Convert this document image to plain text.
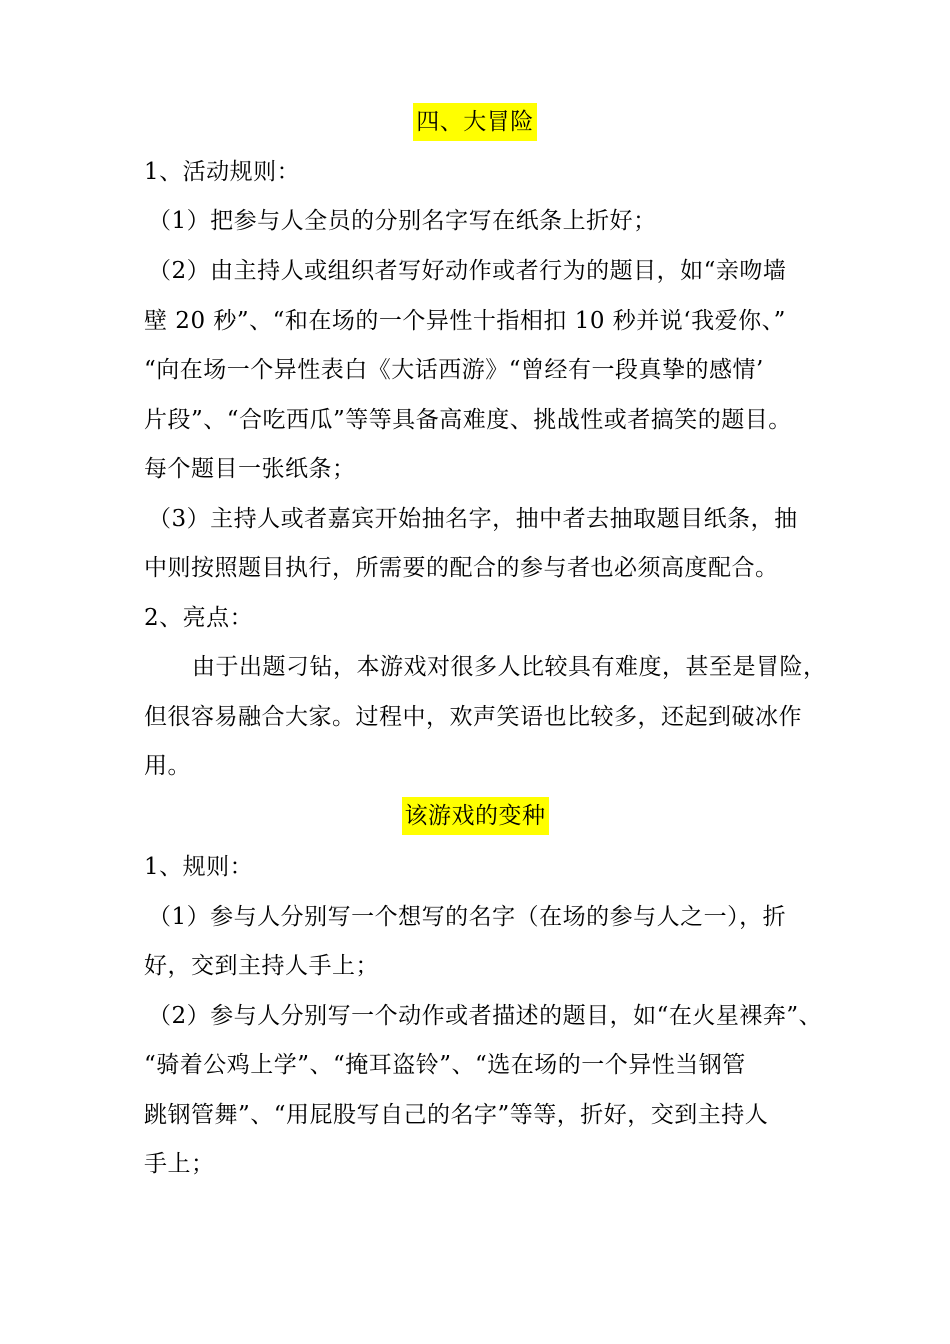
四、大冒险
1、活动规则：
（1）把参与人全员的分别名字写在纸条上折好；
（2）由主持人或组织者写好动作或者行为的题目，如“亲吻墙
壁 20 秒”、“和在场的一个异性十指相扣 10 秒并说‘我爱你、”
“向在场一个异性表白《大话西游》“曾经有一段真挚的感情’
片段”、“合吃西瓜”等等具备高难度、挑战性或者搞笑的题目。
每个题目一张纸条；
（3）主持人或者嘉宾开始抽名字，抽中者去抽取题目纸条，抽
中则按照题目执行，所需要的配合的参与者也必须高度配合。
2、亮点：
由于出题刁钻，本游戏对很多人比较具有难度，甚至是冒险，
但很容易融合大家。过程中，欢声笑语也比较多，还起到破冰作
用。
该游戏的变种
1、规则：
（1）参与人分别写一个想写的名字（在场的参与人之一），折
好，交到主持人手上；
（2）参与人分别写一个动作或者描述的题目，如“在火星裸奔”、
“骑着公鸡上学”、“掩耳盗铃”、“选在场的一个异性当钢管
跳钢管舞”、“用屁股写自己的名字”等等，折好，交到主持人
手上；
